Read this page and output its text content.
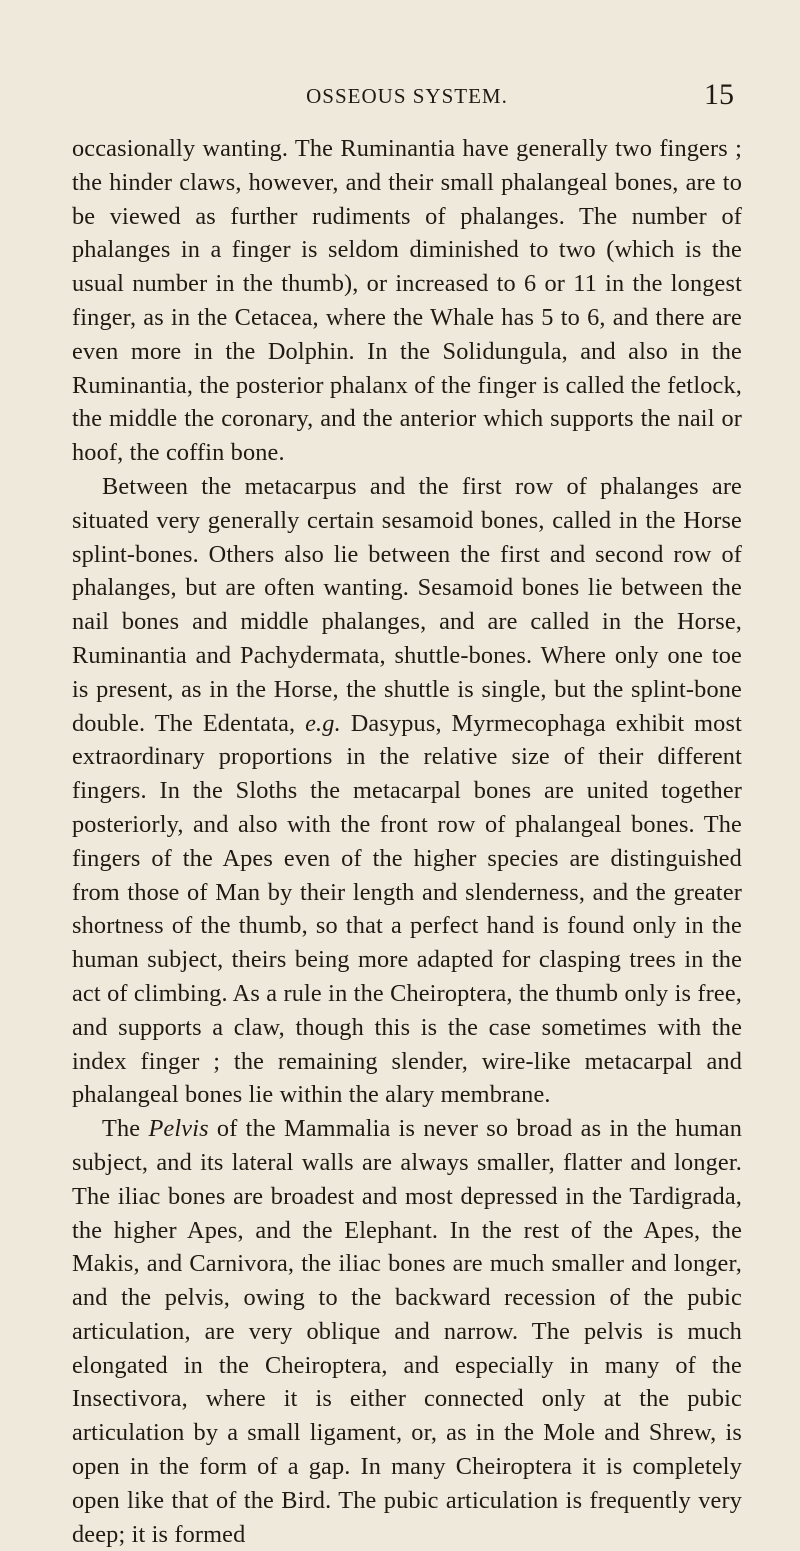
OSSEOUS SYSTEM.	15

occasionally wanting. The Ruminantia have generally two fingers ; the hinder claws, however, and their small phalangeal bones, are to be viewed as further rudiments of phalanges. The number of phalanges in a finger is seldom diminished to two (which is the usual number in the thumb), or increased to 6 or 11 in the longest finger, as in the Cetacea, where the Whale has 5 to 6, and there are even more in the Dolphin. In the Solidungula, and also in the Ruminantia, the posterior phalanx of the finger is called the fetlock, the middle the coronary, and the anterior which supports the nail or hoof, the coffin bone.

Between the metacarpus and the first row of phalanges are situated very generally certain sesamoid bones, called in the Horse splint-bones. Others also lie between the first and second row of phalanges, but are often wanting. Sesamoid bones lie between the nail bones and middle phalanges, and are called in the Horse, Ruminantia and Pachydermata, shuttle-bones. Where only one toe is present, as in the Horse, the shuttle is single, but the splint-bone double. The Edentata, e.g. Dasypus, Myrmecophaga exhibit most extraordinary proportions in the relative size of their different fingers. In the Sloths the metacarpal bones are united together posteriorly, and also with the front row of phalangeal bones. The fingers of the Apes even of the higher species are distinguished from those of Man by their length and slenderness, and the greater shortness of the thumb, so that a perfect hand is found only in the human subject, theirs being more adapted for clasping trees in the act of climbing. As a rule in the Cheiroptera, the thumb only is free, and supports a claw, though this is the case sometimes with the index finger ; the remaining slender, wire-like metacarpal and phalangeal bones lie within the alary membrane.

The Pelvis of the Mammalia is never so broad as in the human subject, and its lateral walls are always smaller, flatter and longer. The iliac bones are broadest and most depressed in the Tardigrada, the higher Apes, and the Elephant. In the rest of the Apes, the Makis, and Carnivora, the iliac bones are much smaller and longer, and the pelvis, owing to the backward recession of the pubic articulation, are very oblique and narrow. The pelvis is much elongated in the Cheiroptera, and especially in many of the Insectivora, where it is either connected only at the pubic articulation by a small ligament, or, as in the Mole and Shrew, is open in the form of a gap. In many Cheiroptera it is completely open like that of the Bird. The pubic articulation is frequently very deep; it is formed
